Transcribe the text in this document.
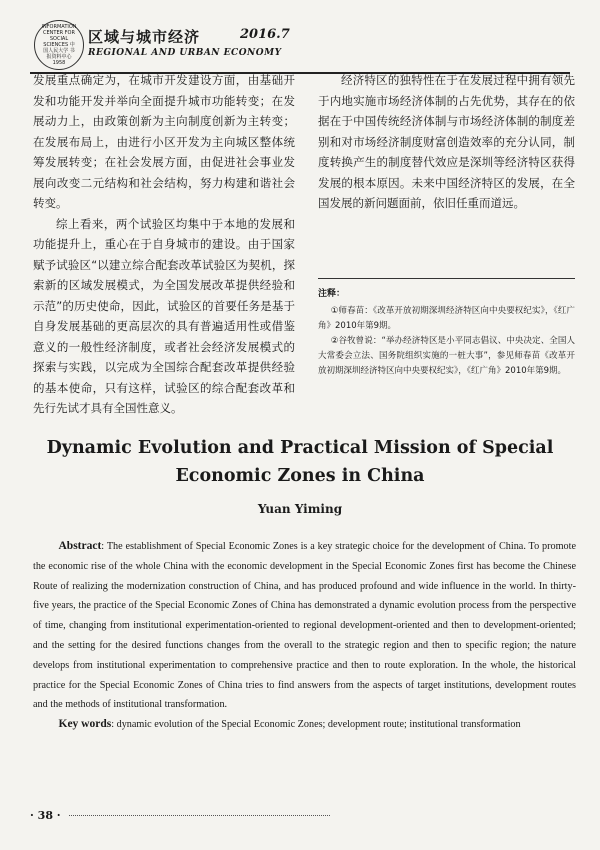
INFORMATION CENTER FOR SOCIAL SCIENCES 中国人民大学 书报资料中心
1958
区域与城市经济	2016.7
REGIONAL AND URBAN ECONOMY

发展重点确定为，在城市开发建设方面，由基础开发和功能开发并举向全面提升城市功能转变；在发展动力上，由政策创新为主向制度创新为主转变；在发展布局上，由进行小区开发为主向城区整体统筹发展转变；在社会发展方面，由促进社会事业发展向改变二元结构和社会结构，努力构建和谐社会转变。

综上看来，两个试验区均集中于本地的发展和功能提升上，重心在于自身城市的建设。由于国家赋予试验区“以建立综合配套改革试验区为契机，探索新的区域发展模式，为全国发展改革提供经验和示范”的历史使命，因此，试验区的首要任务是基于自身发展基础的更高层次的具有普遍适用性或借鉴意义的一般性经济制度，或者社会经济发展模式的探索与实践，以完成为全国综合配套改革提供经验的基本使命，只有这样，试验区的综合配套改革和先行先试才具有全国性意义。

经济特区的独特性在于在发展过程中拥有领先于内地实施市场经济体制的占先优势，其存在的依据在于中国传统经济体制与市场经济体制的制度差别和对市场经济制度财富创造效率的充分认同，制度转换产生的制度替代效应是深圳等经济特区获得发展的根本原因。未来中国经济特区的发展，在全国发展的新问题面前，依旧任重而道远。

注释：

①师春苗：《改革开放初期深圳经济特区向中央要权纪实》，《红广角》2010年第9期。

②谷牧曾说：“举办经济特区是小平同志倡议、中央决定、全国人大常委会立法、国务院组织实施的一桩大事”，参见师春苗《改革开放初期深圳经济特区向中央要权纪实》，《红广角》2010年第9期。

Dynamic Evolution and Practical Mission of Special
Economic Zones in China
Yuan Yiming

Abstract: The establishment of Special Economic Zones is a key strategic choice for the development of China. To promote the economic rise of the whole China with the economic development in the Special Economic Zones first has become the Chinese Route of realizing the modernization construction of China, and has produced profound and wide influence in the world. In thirty-five years, the practice of the Special Economic Zones of China has demonstrated a dynamic evolution process from the perspective of time, changing from institutional experimentation-oriented to regional development-oriented and then to development-oriented; and the setting for the desired functions changes from the overall to the strategic region and then to specific region; the nature develops from institutional experimentation to comprehensive practice and then to route exploration. In the whole, the historical practice for the Special Economic Zones of China tries to find answers from the aspects of target institutions, development routes and the methods of institutional transformation.

Key words: dynamic evolution of the Special Economic Zones; development route; institutional transformation

· 38 ·
